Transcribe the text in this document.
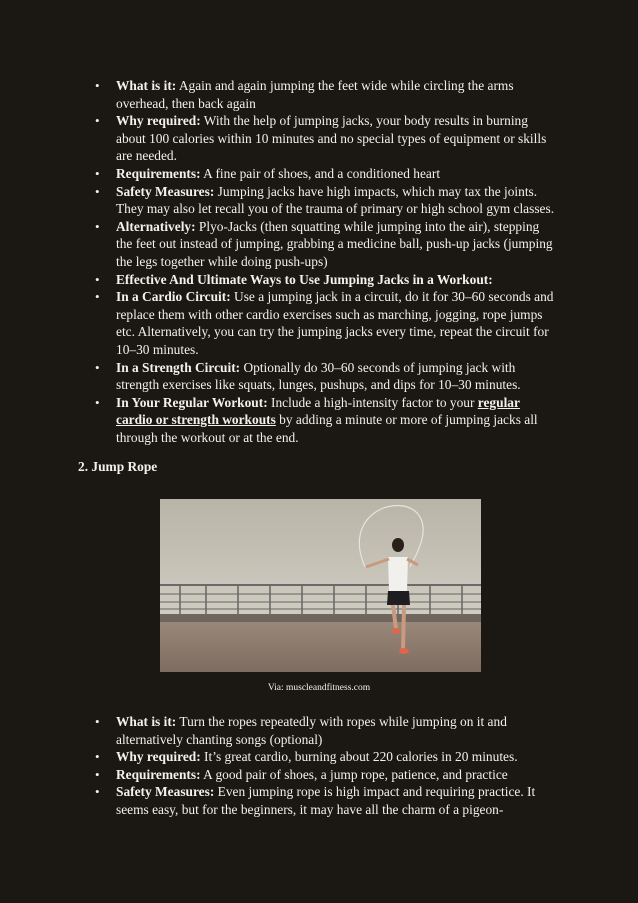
• What is it: Again and again jumping the feet wide while circling the arms overhead, then back again
• Why required: With the help of jumping jacks, your body results in burning about 100 calories within 10 minutes and no special types of equipment or skills are needed.
• Requirements: A fine pair of shoes, and a conditioned heart
• Safety Measures: Jumping jacks have high impacts, which may tax the joints. They may also let recall you of the trauma of primary or high school gym classes.
• Alternatively: Plyo-Jacks (then squatting while jumping into the air), stepping the feet out instead of jumping, grabbing a medicine ball, push-up jacks (jumping the legs together while doing push-ups)
• Effective And Ultimate Ways to Use Jumping Jacks in a Workout:
• In a Cardio Circuit: Use a jumping jack in a circuit, do it for 30–60 seconds and replace them with other cardio exercises such as marching, jogging, rope jumps etc. Alternatively, you can try the jumping jacks every time, repeat the circuit for 10–30 minutes.
• In a Strength Circuit: Optionally do 30–60 seconds of jumping jack with strength exercises like squats, lunges, pushups, and dips for 10–30 minutes.
• In Your Regular Workout: Include a high-intensity factor to your regular cardio or strength workouts by adding a minute or more of jumping jacks all through the workout or at the end.
2. Jump Rope
Via: muscleandfitness.com
• What is it: Turn the ropes repeatedly with ropes while jumping on it and alternatively chanting songs (optional)
• Why required: It’s great cardio, burning about 220 calories in 20 minutes.
• Requirements: A good pair of shoes, a jump rope, patience, and practice
• Safety Measures: Even jumping rope is high impact and requiring practice. It seems easy, but for the beginners, it may have all the charm of a pigeon-
